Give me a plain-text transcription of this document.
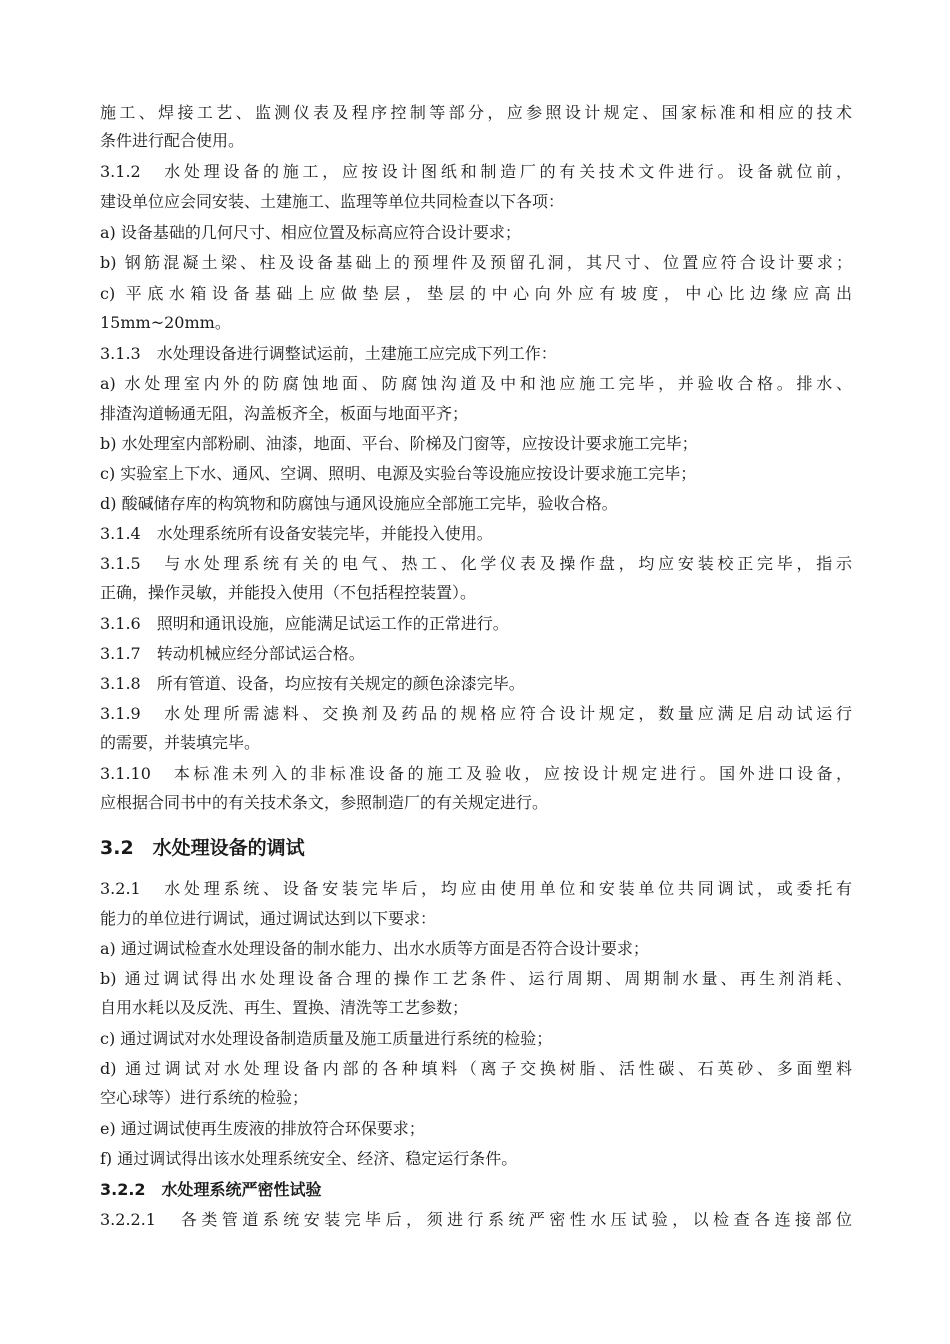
施工、焊接工艺、监测仪表及程序控制等部分，应参照设计规定、国家标准和相应的技术
条件进行配合使用。
3.1.2　水处理设备的施工，应按设计图纸和制造厂的有关技术文件进行。设备就位前，
建设单位应会同安装、土建施工、监理等单位共同检查以下各项：
a) 设备基础的几何尺寸、相应位置及标高应符合设计要求；
b) 钢筋混凝土梁、柱及设备基础上的预埋件及预留孔洞，其尺寸、位置应符合设计要求；
c) 平底水箱设备基础上应做垫层，垫层的中心向外应有坡度，中心比边缘应高出
15mm~20mm。
3.1.3　水处理设备进行调整试运前，土建施工应完成下列工作：
a) 水处理室内外的防腐蚀地面、防腐蚀沟道及中和池应施工完毕，并验收合格。排水、
排渣沟道畅通无阻，沟盖板齐全，板面与地面平齐；
b) 水处理室内部粉刷、油漆，地面、平台、阶梯及门窗等，应按设计要求施工完毕；
c) 实验室上下水、通风、空调、照明、电源及实验台等设施应按设计要求施工完毕；
d) 酸碱储存库的构筑物和防腐蚀与通风设施应全部施工完毕，验收合格。
3.1.4　水处理系统所有设备安装完毕，并能投入使用。
3.1.5　与水处理系统有关的电气、热工、化学仪表及操作盘，均应安装校正完毕，指示
正确，操作灵敏，并能投入使用（不包括程控装置）。
3.1.6　照明和通讯设施，应能满足试运工作的正常进行。
3.1.7　转动机械应经分部试运合格。
3.1.8　所有管道、设备，均应按有关规定的颜色涂漆完毕。
3.1.9　水处理所需滤料、交换剂及药品的规格应符合设计规定，数量应满足启动试运行
的需要，并装填完毕。
3.1.10　本标准未列入的非标准设备的施工及验收，应按设计规定进行。国外进口设备，
应根据合同书中的有关技术条文，参照制造厂的有关规定进行。
3.2　水处理设备的调试
3.2.1　水处理系统、设备安装完毕后，均应由使用单位和安装单位共同调试，或委托有
能力的单位进行调试，通过调试达到以下要求：
a) 通过调试检查水处理设备的制水能力、出水水质等方面是否符合设计要求；
b) 通过调试得出水处理设备合理的操作工艺条件、运行周期、周期制水量、再生剂消耗、
自用水耗以及反洗、再生、置换、清洗等工艺参数；
c) 通过调试对水处理设备制造质量及施工质量进行系统的检验；
d) 通过调试对水处理设备内部的各种填料（离子交换树脂、活性碳、石英砂、多面塑料
空心球等）进行系统的检验；
e) 通过调试使再生废液的排放符合环保要求；
f) 通过调试得出该水处理系统安全、经济、稳定运行条件。
3.2.2　水处理系统严密性试验
3.2.2.1　各类管道系统安装完毕后，须进行系统严密性水压试验，以检查各连接部位
